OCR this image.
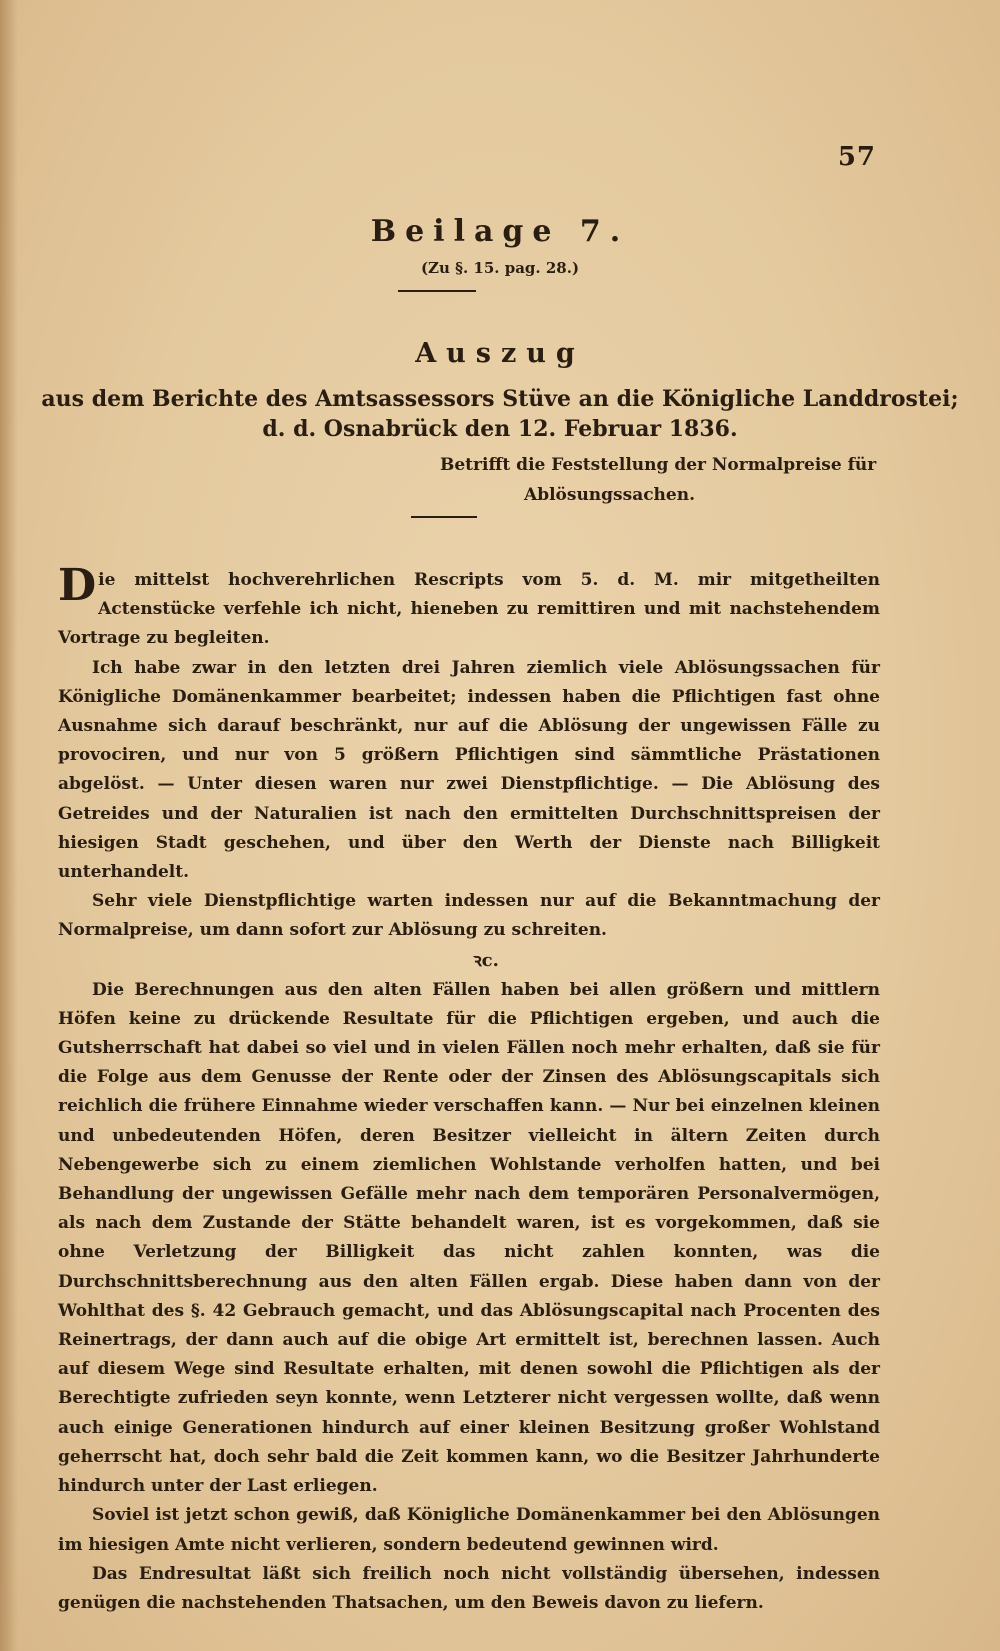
57
Beilage 7.
(Zu §. 15. pag. 28.)
Auszug
aus dem Berichte des Amtsassessors Stüve an die Königliche Landdrostei;
d. d. Osnabrück den 12. Februar 1836.
Betrifft die Feststellung der Normalpreise für
Ablösungssachen.

Die mittelst hochverehrlichen Rescripts vom 5. d. M. mir mitgetheilten Actenstücke verfehle ich nicht, hieneben zu remittiren und mit nachstehendem Vortrage zu begleiten.

Ich habe zwar in den letzten drei Jahren ziemlich viele Ablösungssachen für Königliche Domänenkammer bearbeitet; indessen haben die Pflichtigen fast ohne Ausnahme sich darauf beschränkt, nur auf die Ablösung der ungewissen Fälle zu provociren, und nur von 5 größern Pflichtigen sind sämmtliche Prästationen abgelöst. — Unter diesen waren nur zwei Dienstpflichtige. — Die Ablösung des Getreides und der Naturalien ist nach den ermittelten Durchschnittspreisen der hiesigen Stadt geschehen, und über den Werth der Dienste nach Billigkeit unterhandelt.

Sehr viele Dienstpflichtige warten indessen nur auf die Bekanntmachung der Normalpreise, um dann sofort zur Ablösung zu schreiten.

ꝛc.

Die Berechnungen aus den alten Fällen haben bei allen größern und mittlern Höfen keine zu drückende Resultate für die Pflichtigen ergeben, und auch die Gutsherrschaft hat dabei so viel und in vielen Fällen noch mehr erhalten, daß sie für die Folge aus dem Genusse der Rente oder der Zinsen des Ablösungscapitals sich reichlich die frühere Einnahme wieder verschaffen kann. — Nur bei einzelnen kleinen und unbedeutenden Höfen, deren Besitzer vielleicht in ältern Zeiten durch Nebengewerbe sich zu einem ziemlichen Wohlstande verholfen hatten, und bei Behandlung der ungewissen Gefälle mehr nach dem temporären Personalvermögen, als nach dem Zustande der Stätte behandelt waren, ist es vorgekommen, daß sie ohne Verletzung der Billigkeit das nicht zahlen konnten, was die Durchschnittsberechnung aus den alten Fällen ergab. Diese haben dann von der Wohlthat des §. 42 Gebrauch gemacht, und das Ablösungscapital nach Procenten des Reinertrags, der dann auch auf die obige Art ermittelt ist, berechnen lassen. Auch auf diesem Wege sind Resultate erhalten, mit denen sowohl die Pflichtigen als der Berechtigte zufrieden seyn konnte, wenn Letzterer nicht vergessen wollte, daß wenn auch einige Generationen hindurch auf einer kleinen Besitzung großer Wohlstand geherrscht hat, doch sehr bald die Zeit kommen kann, wo die Besitzer Jahrhunderte hindurch unter der Last erliegen.

Soviel ist jetzt schon gewiß, daß Königliche Domänenkammer bei den Ablösungen im hiesigen Amte nicht verlieren, sondern bedeutend gewinnen wird.

Das Endresultat läßt sich freilich noch nicht vollständig übersehen, indessen genügen die nachstehenden Thatsachen, um den Beweis davon zu liefern.
